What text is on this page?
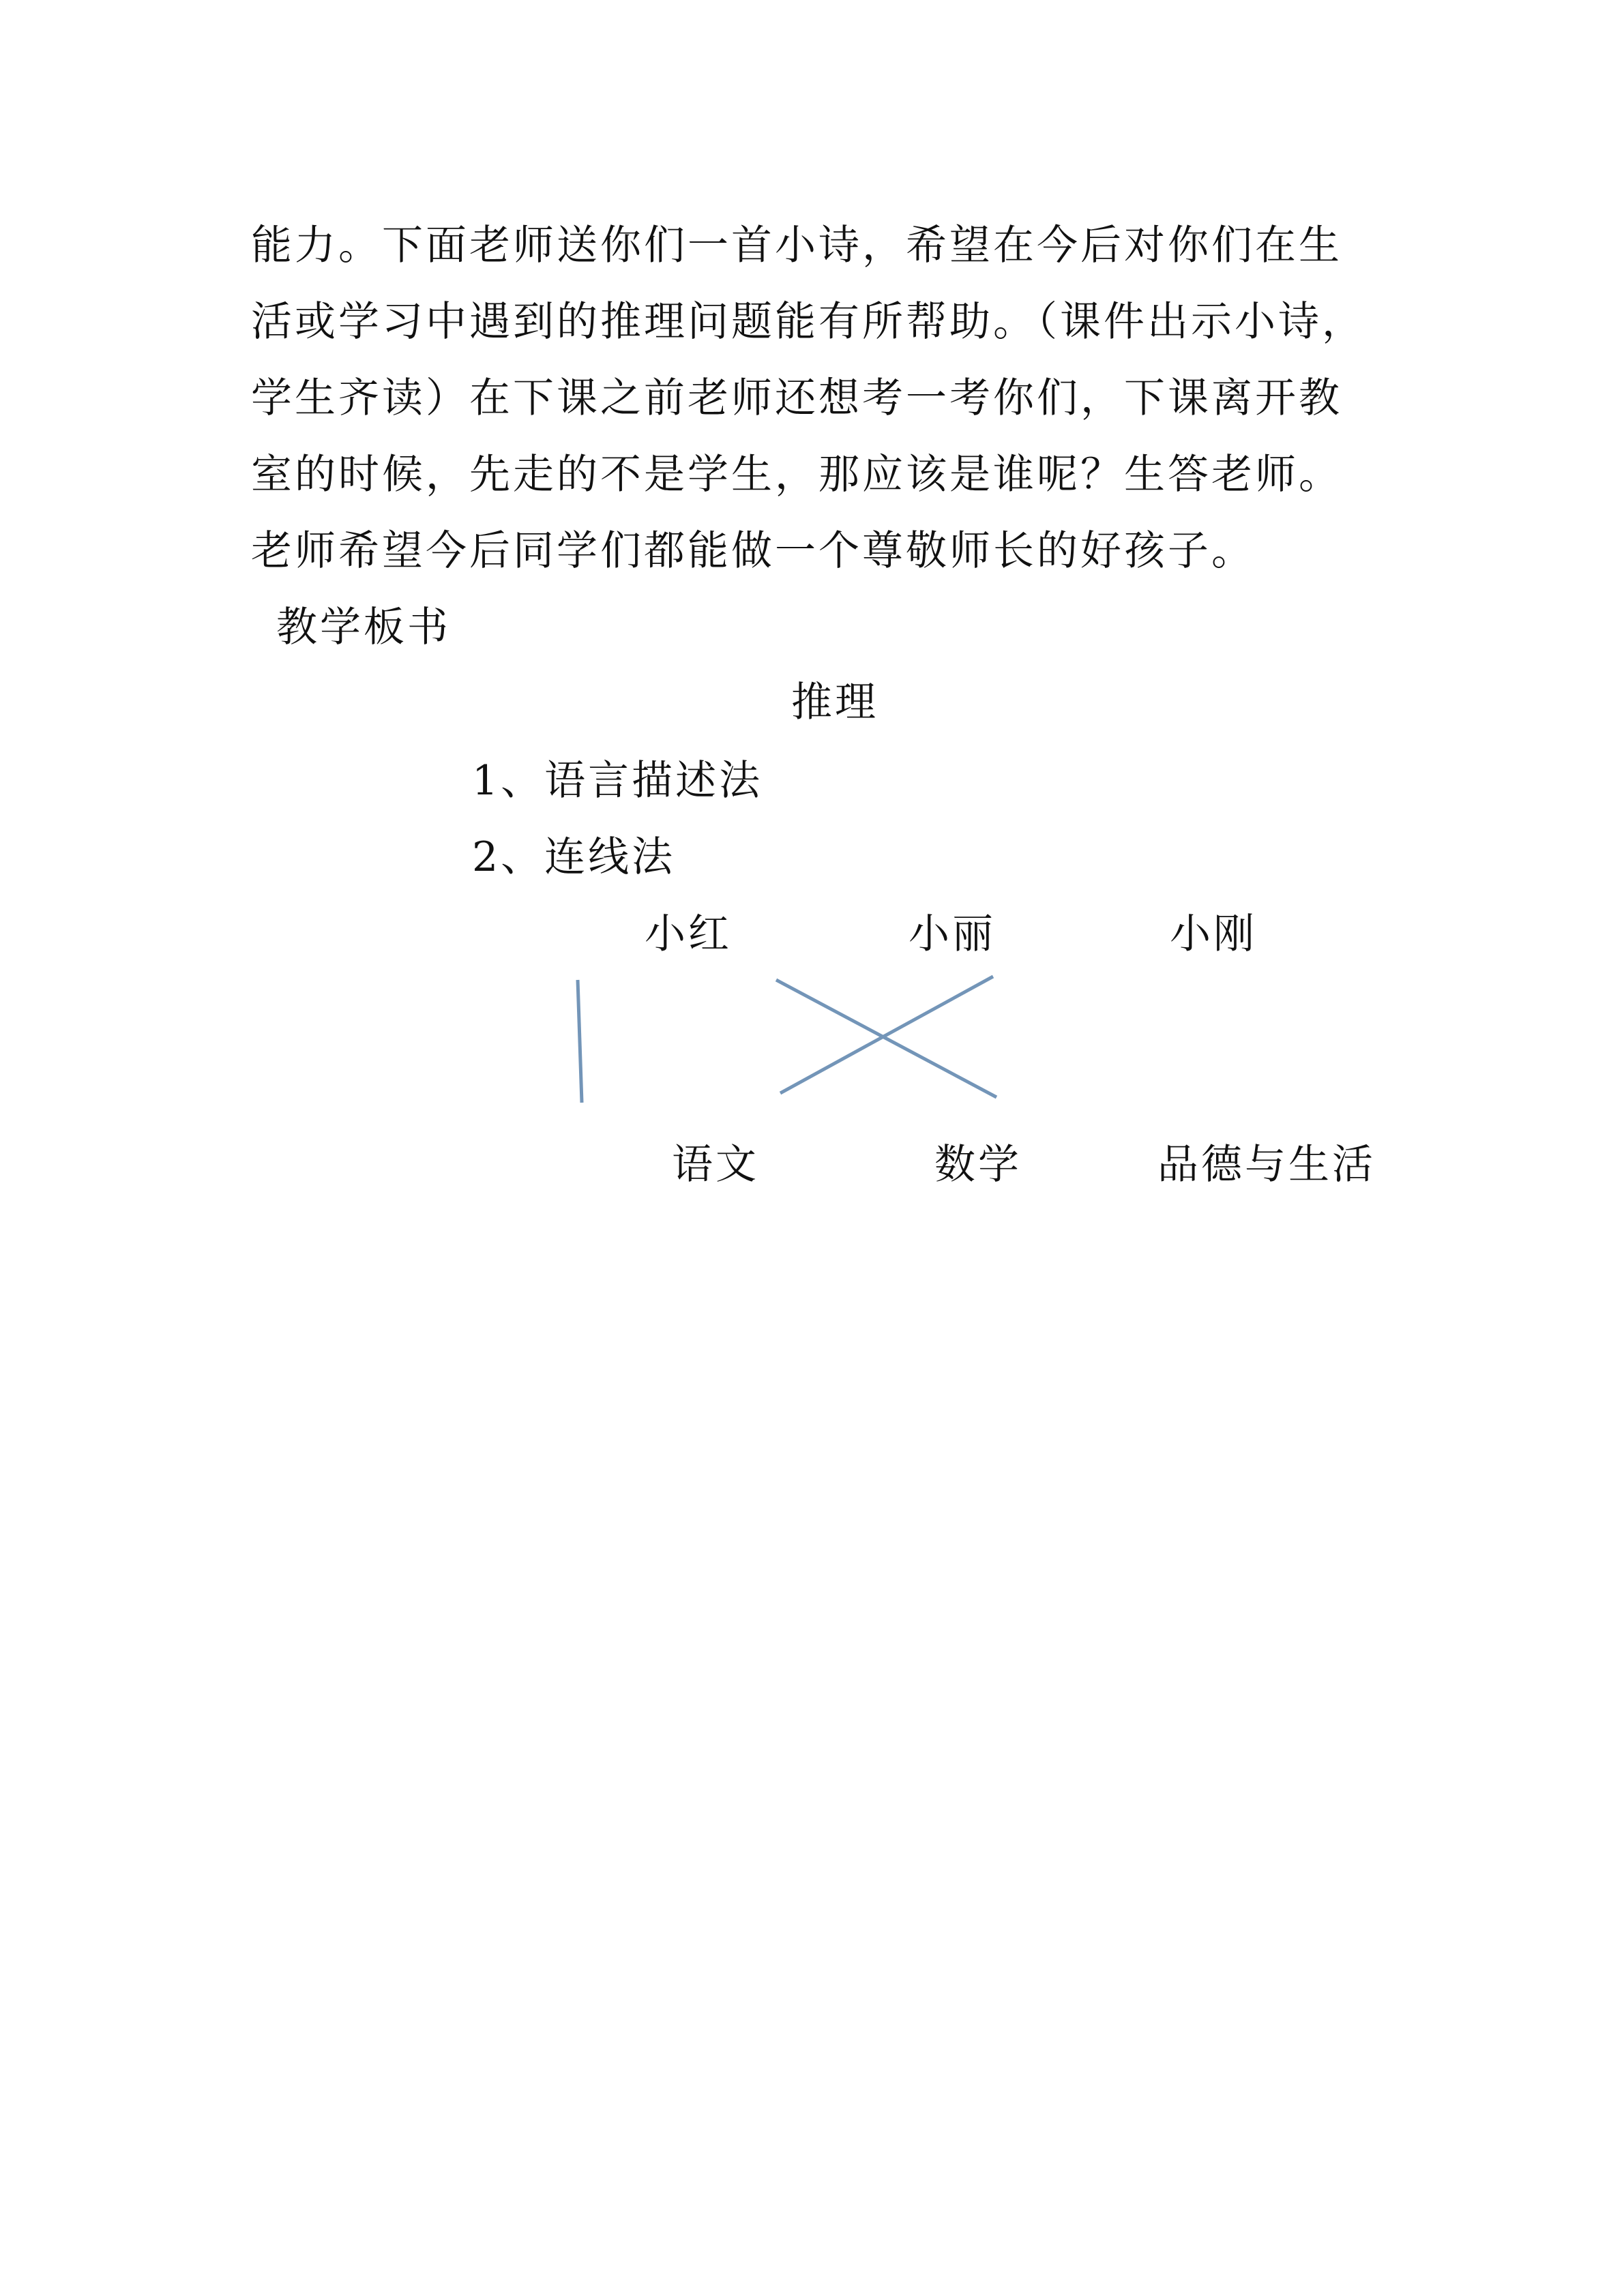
能力。下面老师送你们一首小诗，希望在今后对你们在生
活或学习中遇到的推理问题能有所帮助。（课件出示小诗，
学生齐读）在下课之前老师还想考一考你们，下课离开教
室的时候，先走的不是学生，那应该是谁呢？生答老师。
老师希望今后同学们都能做一个尊敬师长的好孩子。
教学板书
推理
1、语言描述法
2、连线法
小红	小丽	小刚
语文	数学	品德与生活
